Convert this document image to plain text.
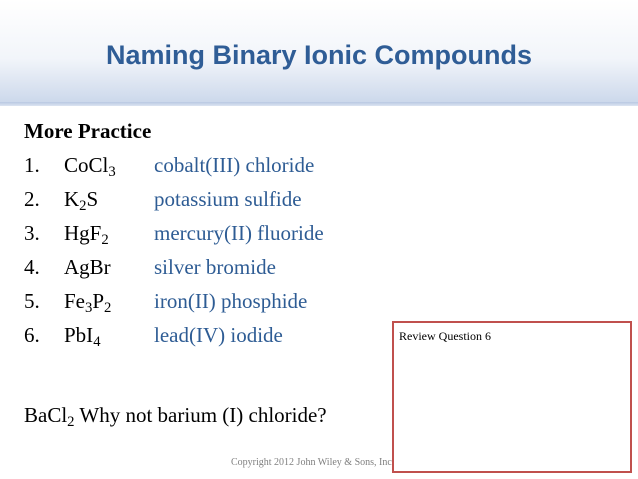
Naming Binary Ionic Compounds
More Practice
1. CoCl$_3$ cobalt(III) chloride
2. $K_2S$	potassium sulfide
3. HgF$_2$ mercury(II) fluoride
4. AgBr silver bromide
5. $Fe_3P_2$ iron(II) phosphide
6. PbI$_4$	lead(IV) iodide
BaCl$_2$ Why not barium (I) chloride?
Copyright 2012 John Wiley & Sons, Inc
Review Question 6
